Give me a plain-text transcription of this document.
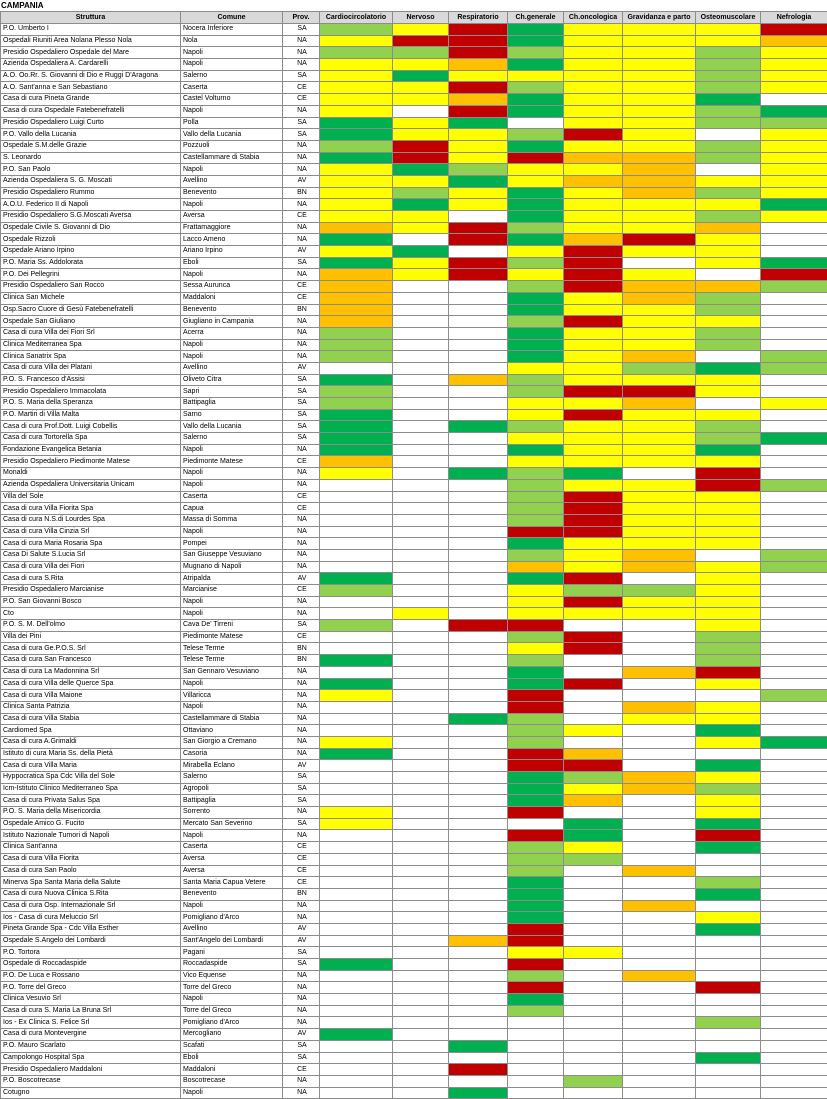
CAMPANIA
Struttura	Comune	Prov.	Cardiocircolatorio	Nervoso	Respiratorio	Ch.generale	Ch.oncologica	Gravidanza e parto	Osteomuscolare	Nefrologia
P.O. Umberto I	Nocera Inferiore	SA								
Ospedali Riuniti Area Nolana Plesso Nola	Nola	NA								
Presidio Ospedaliero Ospedale del Mare	Napoli	NA								
Azienda Ospedaliera A. Cardarelli	Napoli	NA								
A.O. Oo.Rr. S. Giovanni di Dio e Ruggi D'Aragona	Salerno	SA								
A.O. Sant'anna e San Sebastiano	Caserta	CE								
Casa di cura Pineta Grande	Castel Volturno	CE								
Casa di cura Ospedale Fatebenefratelli	Napoli	NA								
Presidio Ospedaliero Luigi Curto	Polla	SA								
P.O. Vallo della Lucania	Vallo della Lucania	SA								
Ospedale S.M.delle Grazie	Pozzuoli	NA								
S. Leonardo	Castellammare di Stabia	NA								
P.O. San Paolo	Napoli	NA								
Azienda Ospedaliera S. G. Moscati	Avellino	AV								
Presidio Ospedaliero Rummo	Benevento	BN								
A.O.U. Federico II di Napoli	Napoli	NA								
Presidio Ospedaliero S.G.Moscati Aversa	Aversa	CE								
Ospedale Civile S. Giovanni di Dio	Frattamaggiore	NA								
Ospedale Rizzoli	Lacco Ameno	NA								
Ospedale Ariano Irpino	Ariano Irpino	AV								
P.O. Maria Ss. Addolorata	Eboli	SA								
P.O. Dei Pellegrini	Napoli	NA								
Presidio Ospedaliero San Rocco	Sessa Aurunca	CE								
Clinica San Michele	Maddaloni	CE								
Osp.Sacro Cuore di Gesù Fatebenefratelli	Benevento	BN								
Ospedale San Giuliano	Giugliano in Campania	NA								
Casa di cura Villa dei Fiori Srl	Acerra	NA								
Clinica Mediterranea Spa	Napoli	NA								
Clinica Sanatrix Spa	Napoli	NA								
Casa di cura Villa dei Platani	Avellino	AV								
P.O. S. Francesco d'Assisi	Oliveto Citra	SA								
Presidio Ospedaliero Immacolata	Sapri	SA								
P.O. S. Maria della Speranza	Battipaglia	SA								
P.O. Martiri di Villa Malta	Sarno	SA								
Casa di cura Prof.Dott. Luigi Cobellis	Vallo della Lucania	SA								
Casa di cura Tortorella Spa	Salerno	SA								
Fondazione Evangelica Betania	Napoli	NA								
Presidio Ospedaliero Piedimonte Matese	Piedimonte Matese	CE								
Monaldi	Napoli	NA								
Azienda Ospedaliera Universitaria Unicam	Napoli	NA								
Villa del Sole	Caserta	CE								
Casa di cura Villa Fiorita Spa	Capua	CE								
Casa di cura N.S.di Lourdes Spa	Massa di Somma	NA								
Casa di cura Villa Cinzia Srl	Napoli	NA								
Casa di cura Maria Rosaria Spa	Pompei	NA								
Casa Di Salute S.Lucia Srl	San Giuseppe Vesuviano	NA								
Casa di cura Villa dei Fiori	Mugnano di Napoli	NA								
Casa di cura S.Rita	Atripalda	AV								
Presidio Ospedaliero Marcianise	Marcianise	CE								
P.O. San Giovanni Bosco	Napoli	NA								
Cto	Napoli	NA								
P.O. S. M. Dell'olmo	Cava De' Tirreni	SA								
Villa dei Pini	Piedimonte Matese	CE								
Casa di cura Ge.P.O.S. Srl	Telese Terme	BN								
Casa di cura San Francesco	Telese Terme	BN								
Casa di cura La Madonnina Srl	San Gennaro Vesuviano	NA								
Casa di cura Villa delle Querce Spa	Napoli	NA								
Casa di cura Villa Maione	Villaricca	NA								
Clinica Santa Patrizia	Napoli	NA								
Casa di cura Villa Stabia	Castellammare di Stabia	NA								
Cardiomed Spa	Ottaviano	NA								
Casa di cura A.Grimaldi	San Giorgio a Cremano	NA								
Istituto di cura Maria Ss. della Pietà	Casoria	NA								
Casa di cura Villa Maria	Mirabella Eclano	AV								
Hyppocratica Spa Cdc Villa del Sole	Salerno	SA								
Icm-Istituto Clinico Mediterraneo Spa	Agropoli	SA								
Casa di cura Privata Salus Spa	Battipaglia	SA								
P.O. S. Maria della Misericordia	Sorrento	NA								
Ospedale Amico G. Fucito	Mercato San Severino	SA								
Istituto Nazionale Tumori di Napoli	Napoli	NA								
Clinica Sant'anna	Caserta	CE								
Casa di cura Villa Fiorita	Aversa	CE								
Casa di cura San Paolo	Aversa	CE								
Minerva Spa Santa Maria della Salute	Santa Maria Capua Vetere	CE								
Casa di cura Nuova Clinica S.Rita	Benevento	BN								
Casa di cura Osp. Internazionale Srl	Napoli	NA								
Ios - Casa di cura Meluccio Srl	Pomigliano d'Arco	NA								
Pineta Grande Spa - Cdc Villa Esther	Avellino	AV								
Ospedale S.Angelo dei Lombardi	Sant'Angelo dei Lombardi	AV								
P.O. Tortora	Pagani	SA								
Ospedale di Roccadaspide	Roccadaspide	SA								
P.O. De Luca e Rossano	Vico Equense	NA								
P.O. Torre del Greco	Torre del Greco	NA								
Clinica Vesuvio Srl	Napoli	NA								
Casa di cura S. Maria La Bruna Srl	Torre del Greco	NA								
Ios - Ex Clinica S. Felice Srl	Pomigliano d'Arco	NA								
Casa di cura Montevergine	Mercogliano	AV								
P.O. Mauro Scarlato	Scafati	SA								
Campolongo Hospital Spa	Eboli	SA								
Presidio Ospedaliero Maddaloni	Maddaloni	CE								
P.O. Boscotrecase	Boscotrecase	NA								
Cotugno	Napoli	NA								
